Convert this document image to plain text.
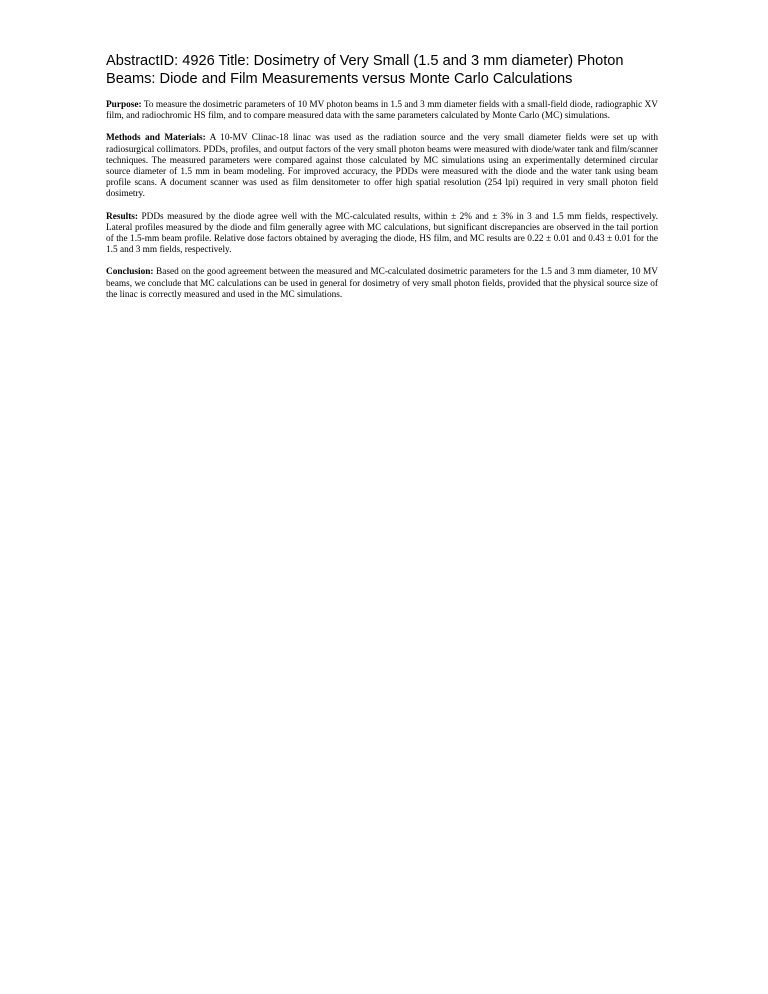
AbstractID: 4926 Title: Dosimetry of Very Small (1.5 and 3 mm diameter) Photon Beams: Diode and Film Measurements versus Monte Carlo Calculations

Purpose: To measure the dosimetric parameters of 10 MV photon beams in 1.5 and 3 mm diameter fields with a small-field diode, radiographic XV film, and radiochromic HS film, and to compare measured data with the same parameters calculated by Monte Carlo (MC) simulations.

Methods and Materials: A 10-MV Clinac-18 linac was used as the radiation source and the very small diameter fields were set up with radiosurgical collimators. PDDs, profiles, and output factors of the very small photon beams were measured with diode/water tank and film/scanner techniques. The measured parameters were compared against those calculated by MC simulations using an experimentally determined circular source diameter of 1.5 mm in beam modeling. For improved accuracy, the PDDs were measured with the diode and the water tank using beam profile scans. A document scanner was used as film densitometer to offer high spatial resolution (254 lpi) required in very small photon field dosimetry.

Results: PDDs measured by the diode agree well with the MC-calculated results, within ± 2% and ± 3% in 3 and 1.5 mm fields, respectively. Lateral profiles measured by the diode and film generally agree with MC calculations, but significant discrepancies are observed in the tail portion of the 1.5-mm beam profile. Relative dose factors obtained by averaging the diode, HS film, and MC results are 0.22 ± 0.01 and 0.43 ± 0.01 for the 1.5 and 3 mm fields, respectively.

Conclusion: Based on the good agreement between the measured and MC-calculated dosimetric parameters for the 1.5 and 3 mm diameter, 10 MV beams, we conclude that MC calculations can be used in general for dosimetry of very small photon fields, provided that the physical source size of the linac is correctly measured and used in the MC simulations.
